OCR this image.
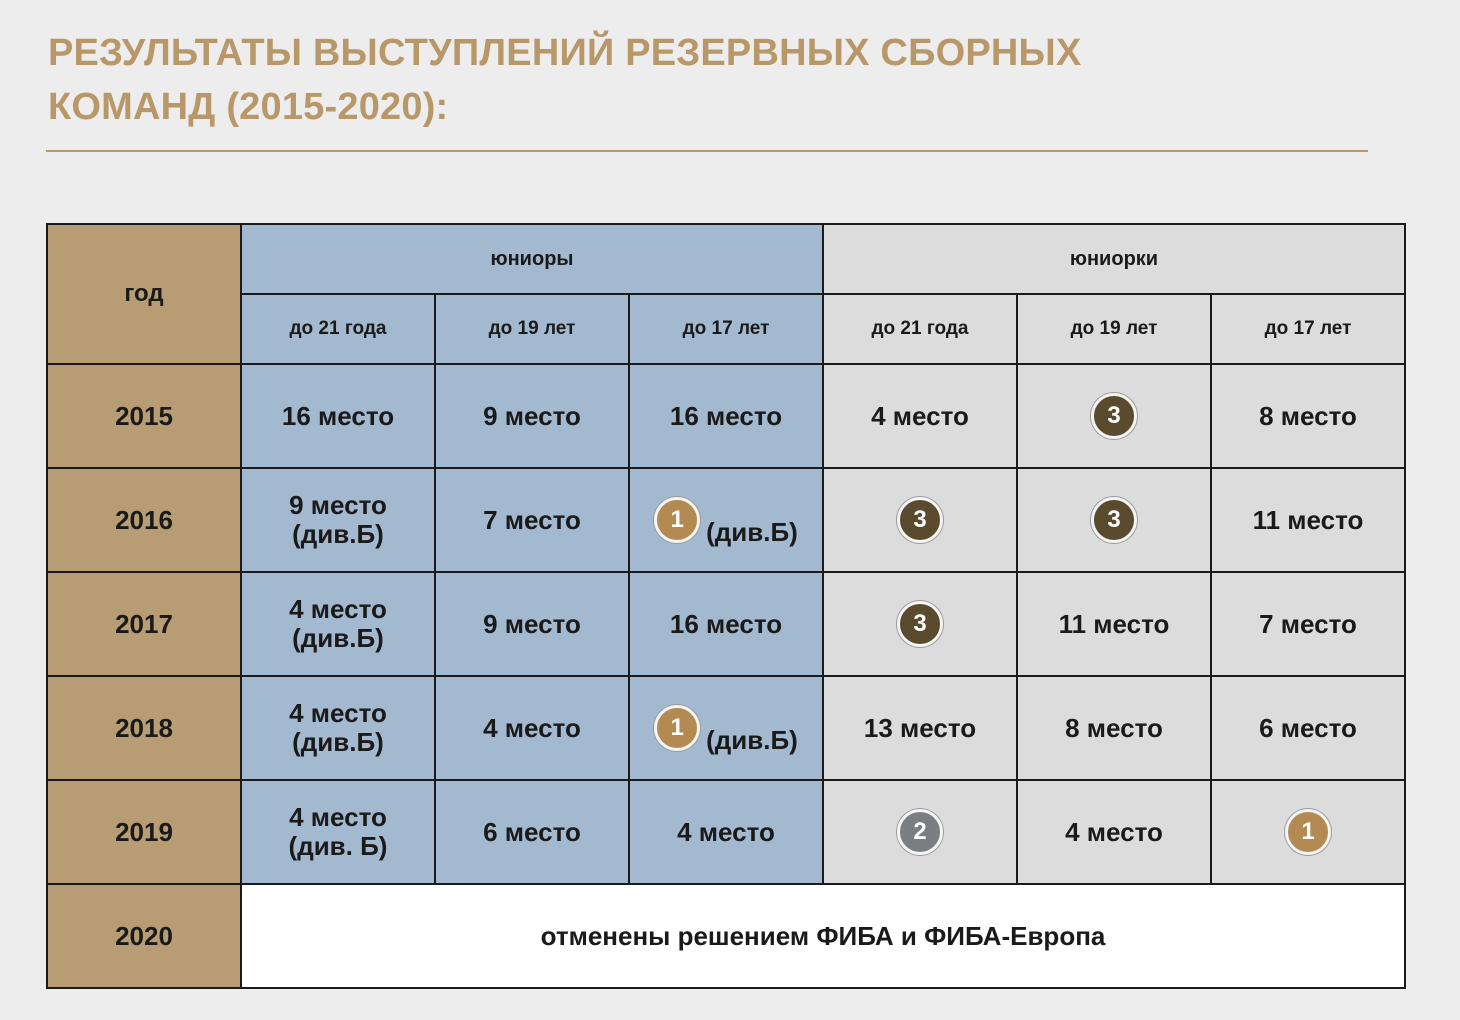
РЕЗУЛЬТАТЫ ВЫСТУПЛЕНИЙ РЕЗЕРВНЫХ СБОРНЫХ
КОМАНД (2015-2020):
год	юниоры			юниорки		
	до 21 года	до 19 лет	до 17 лет	до 21 года	до 19 лет	до 17 лет
2015	16 место	9 место	16 место	4 место	3	8 место

2016	9 место
(див.Б)	7 место	1 (див.Б)	3	3	11 место

2017	4 место
(див.Б)	9 место	16 место	3	11 место	7 место

2018	4 место
(див.Б)	4 место	1 (див.Б)	13 место	8 место	6 место

2019	4 место
(див. Б)	6 место	4 место	2	4 место	1

2020	отменены решением ФИБА и ФИБА-Европа					
